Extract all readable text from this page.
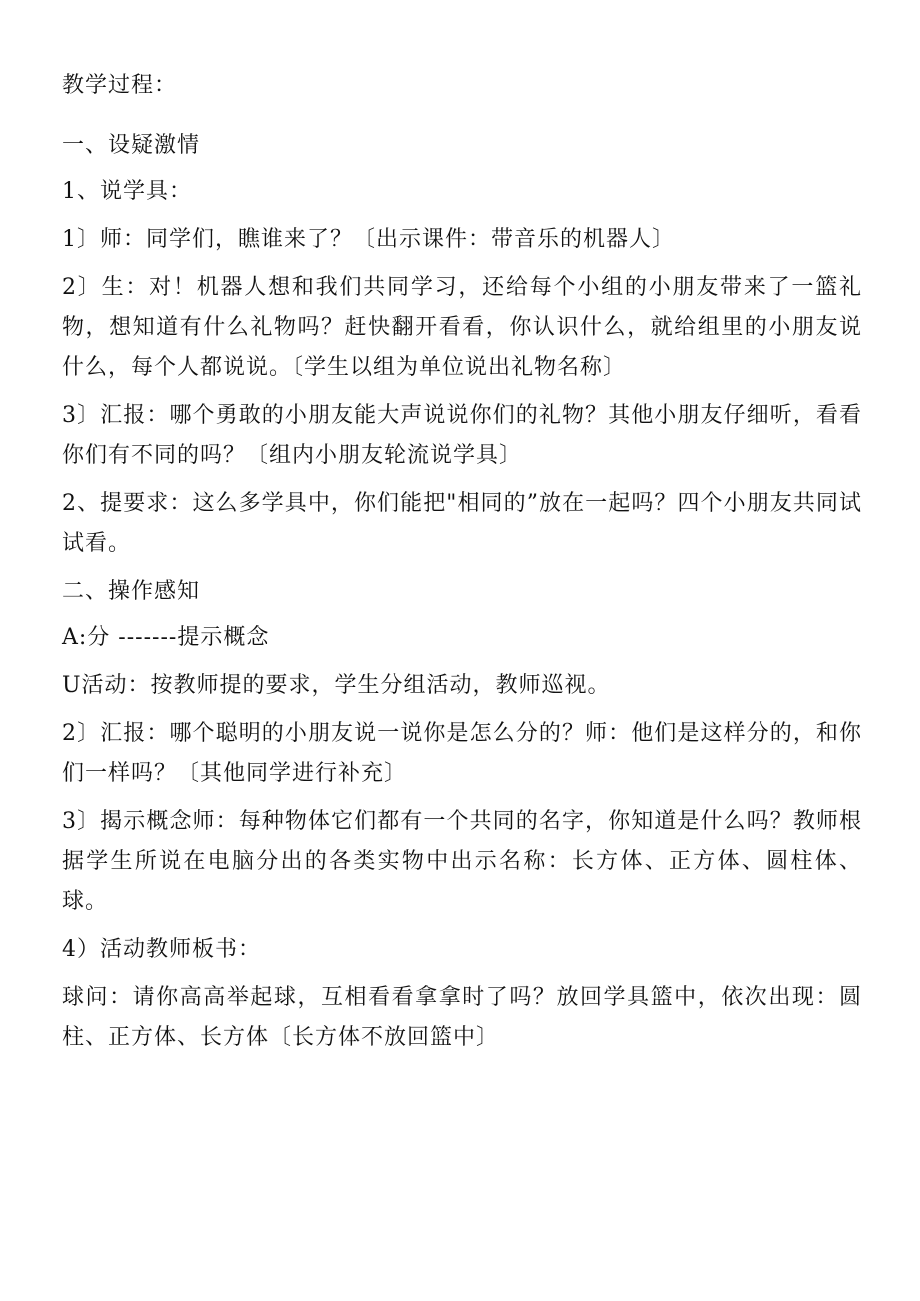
教学过程：

一、设疑激情

1、说学具：

1〕师：同学们，瞧谁来了？〔出示课件：带音乐的机器人〕

2〕生：对！机器人想和我们共同学习，还给每个小组的小朋友带来了一篮礼物，想知道有什么礼物吗？赶快翻开看看，你认识什么，就给组里的小朋友说什么，每个人都说说。〔学生以组为单位说出礼物名称〕

3〕汇报：哪个勇敢的小朋友能大声说说你们的礼物？其他小朋友仔细听，看看你们有不同的吗？〔组内小朋友轮流说学具〕

2、提要求：这么多学具中，你们能把"相同的”放在一起吗？四个小朋友共同试试看。

二、操作感知

A:分 -------提示概念

U活动：按教师提的要求，学生分组活动，教师巡视。

2〕汇报：哪个聪明的小朋友说一说你是怎么分的？师：他们是这样分的，和你们一样吗？〔其他同学进行补充〕

3〕揭示概念师：每种物体它们都有一个共同的名字，你知道是什么吗？教师根据学生所说在电脑分出的各类实物中出示名称：长方体、正方体、圆柱体、球。

4）活动教师板书：

球问：请你高高举起球，互相看看拿拿时了吗？放回学具篮中，依次出现：圆柱、正方体、长方体〔长方体不放回篮中〕
